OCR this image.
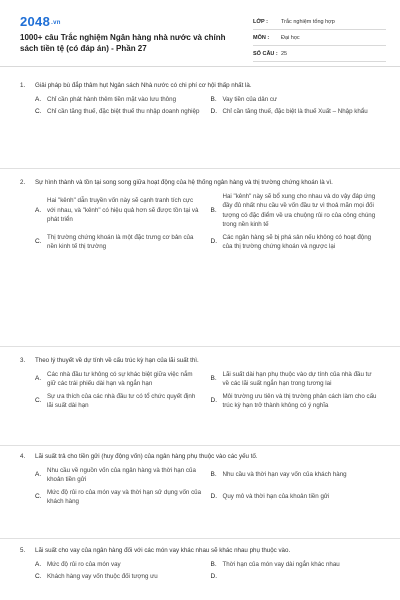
2048.vn
1000+ câu Trắc nghiệm Ngân hàng nhà nước và chính sách tiền tệ (có đáp án) - Phần 27
LỚP :	Trắc nghiệm tổng hợp
MÔN :	Đại học
SỐ CÂU : 25
1.	Giải pháp bù đắp thâm hụt Ngân sách Nhà nước có chi phí cơ hội thấp nhất là.
A. Chỉ cần phát hành thêm tiền mặt vào lưu thông	B. Vay tiền của dân cư
C. Chỉ cần tăng thuế, đặc biệt thuế thu nhập doanh nghiệp	D. Chỉ cần tăng thuế, đặc biệt là thuế Xuất – Nhập khẩu
2.	Sự hình thành và tồn tại song song giữa hoạt động của hệ thống ngân hàng và thị trường chứng khoán là vì.
A.
Hai "kênh" dẫn truyền vốn này sẽ cạnh tranh tích cực với nhau, và "kênh" có hiệu quả hơn sẽ được tồn tại và phát triển
B.
Hai "kênh" này sẽ bổ xung cho nhau và do vậy đáp ứng đầy đủ nhất nhu cầu về vốn đầu tư vì thoả mãn mọi đối tượng có đặc điểm về ưa chuộng rủi ro của công chúng trong nền kinh tế
C.
Thị trường chứng khoán là một đặc trưng cơ bản của nền kinh tế thị trường
D.
Các ngân hàng sẽ bị phá sản nếu không có hoạt động của thị trường chứng khoán và ngược lại
3.	Theo lý thuyết về dự tính về cấu trúc kỳ hạn của lãi suất thì.
A.
Các nhà đầu tư không có sự khác biệt giữa việc nắm giữ các trái phiếu dài hạn và ngắn hạn
B.
Lãi suất dài hạn phụ thuộc vào dự tính của nhà đầu tư về các lãi suất ngắn hạn trong tương lai
C.
Sự ưa thích của các nhà đầu tư có tổ chức quyết định lãi suất dài hạn
D.
Môi trường ưu tiên và thị trường phân cách làm cho cấu trúc kỳ hạn trở thành không có ý nghĩa
4.	Lãi suất trả cho tiền gửi (huy động vốn) của ngân hàng phụ thuộc vào các yếu tố.
A.
Nhu cầu về nguồn vốn của ngân hàng và thời hạn của khoản tiền gửi
B. Nhu cầu và thời hạn vay vốn của khách hàng
C.
Mức độ rủi ro của món vay và thời hạn sử dụng vốn của khách hàng
D. Quy mô và thời hạn của khoản tiền gửi
5.	Lãi suất cho vay của ngân hàng đối với các món vay khác nhau sẽ khác nhau phụ thuộc vào.
A. Mức độ rủi ro của món vay	B. Thời hạn của món vay dài ngắn khác nhau
C. Khách hàng vay vốn thuộc đối tượng ưu	D.
